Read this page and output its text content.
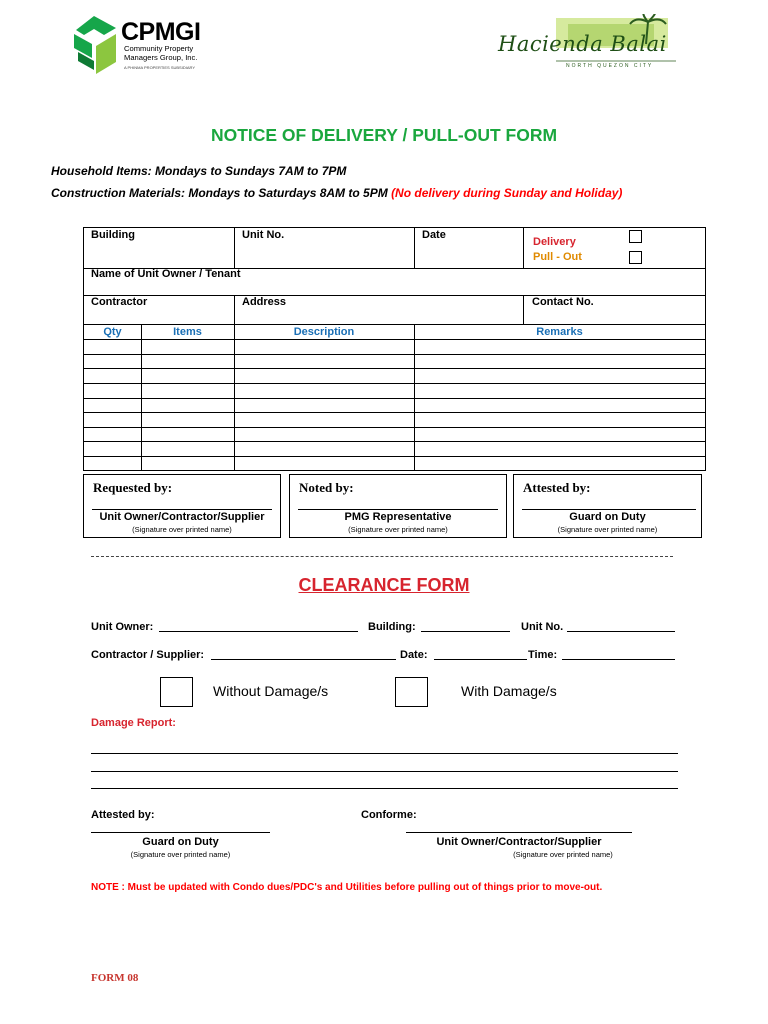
CPMGI
Community Property Managers Group, Inc.
A PHINMA PROPERTIES SUBSIDIARY
Hacienda Balai
NORTH QUEZON CITY
NOTICE OF DELIVERY / PULL-OUT FORM
Household Items: Mondays to Sundays 7AM to 7PM
Construction Materials: Mondays to Saturdays 8AM to 5PM (No delivery during Sunday and Holiday)
Building	Unit No.	Date
Delivery
Pull - Out
Name of Unit Owner / Tenant
Contractor	Address	Contact No.
Qty	Items	Description	Remarks
Requested by:
Unit Owner/Contractor/Supplier
(Signature over printed name)
Noted by:
PMG Representative
(Signature over printed name)
Attested by:
Guard on Duty
(Signature over printed name)
CLEARANCE FORM
Unit Owner:	Building:	Unit No.
Contractor / Supplier:	Date:	Time:
Without Damage/s	With Damage/s
Damage Report:
Attested by:	Conforme:
Guard on Duty
(Signature over printed name)
Unit Owner/Contractor/Supplier
(Signature over printed name)
NOTE : Must be updated with Condo dues/PDC's and Utilities before pulling out of things prior to move-out.
FORM 08
